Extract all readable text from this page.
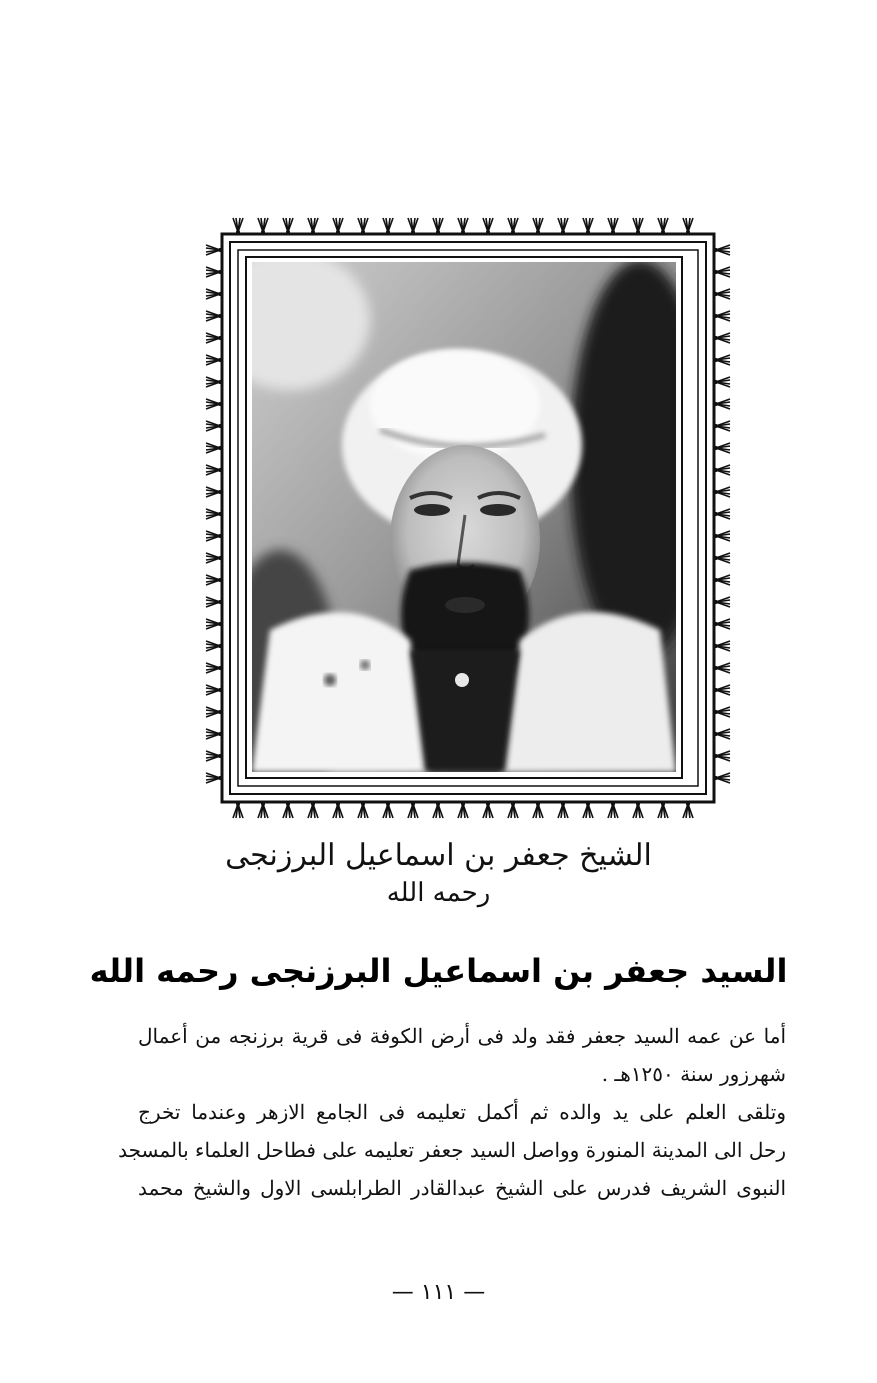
الشيخ جعفر بن اسماعيل البرزنجى
رحمه الله
السيد جعفر بن اسماعيل البرزنجى رحمه الله
أما عن عمه السيد جعفر فقد ولد فى أرض الكوفة فى قرية برزنجه من أعمال
شهرزور سنة ١٢٥٠هـ .
وتلقى العلم على يد والده ثم أكمل تعليمه فى الجامع الازهر وعندما تخرج
رحل الى المدينة المنورة وواصل السيد جعفر تعليمه على فطاحل العلماء بالمسجد
النبوى الشريف فدرس على الشيخ عبدالقادر الطرابلسى الاول والشيخ محمد
— ١١١ —
